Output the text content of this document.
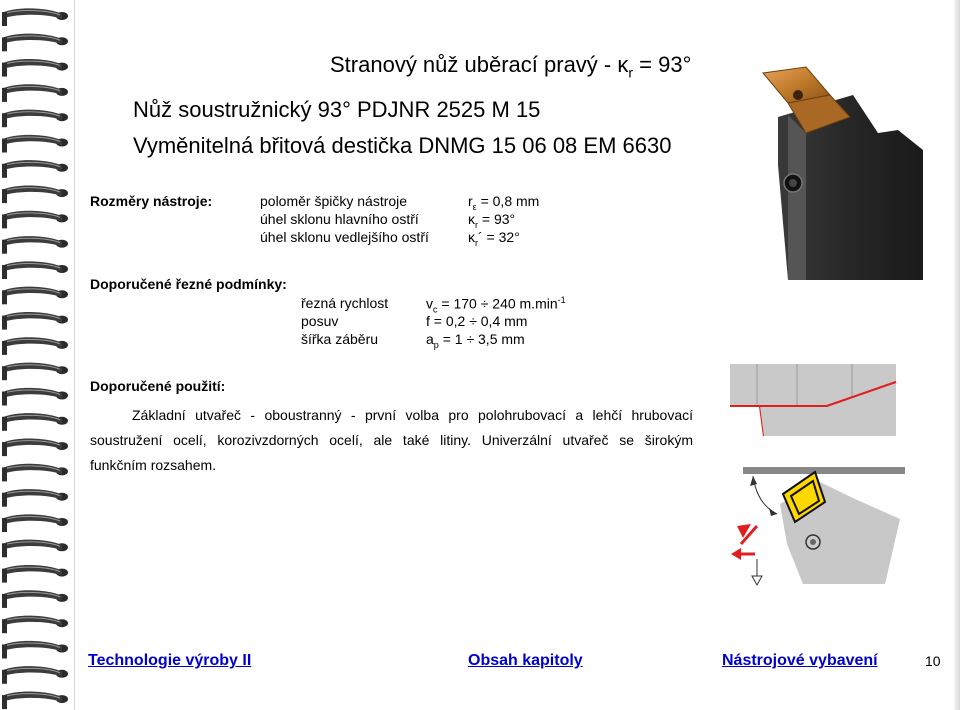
Stranový nůž uběrací pravý - $\kappa_r = 93^\circ$
Nůž soustružnický 93° PDJNR 2525 M 15
Vyměnitelná břitová destička DNMG 15 06 08 EM 6630
Rozměry nástroje:	poloměr špičky nástroje	$r_\varepsilon = 0,8$ mm
úhel sklonu hlavního ostří	$\kappa_r = 93^\circ$
úhel sklonu vedlejšího ostří	$\kappa_r´ = 32^\circ$
Doporučené řezné podmínky:
řezná rychlost	$v_c = 170 \div 240$ $m.\min^{-1}$
posuv	f = 0,2 ÷ 0,4 mm
šířka záběru	$a_p = 1 \div 3,5$ mm
Doporučené použití:
Základní utvařeč - oboustranný - první volba pro polohrubovací a lehčí hrubovací
soustružení ocelí, korozivzdorných ocelí, ale také litiny. Univerzální utvařeč se širokým
funkčním rozsahem.
Technologie výroby II	Obsah kapitoly	Nástrojové vybavení	10
